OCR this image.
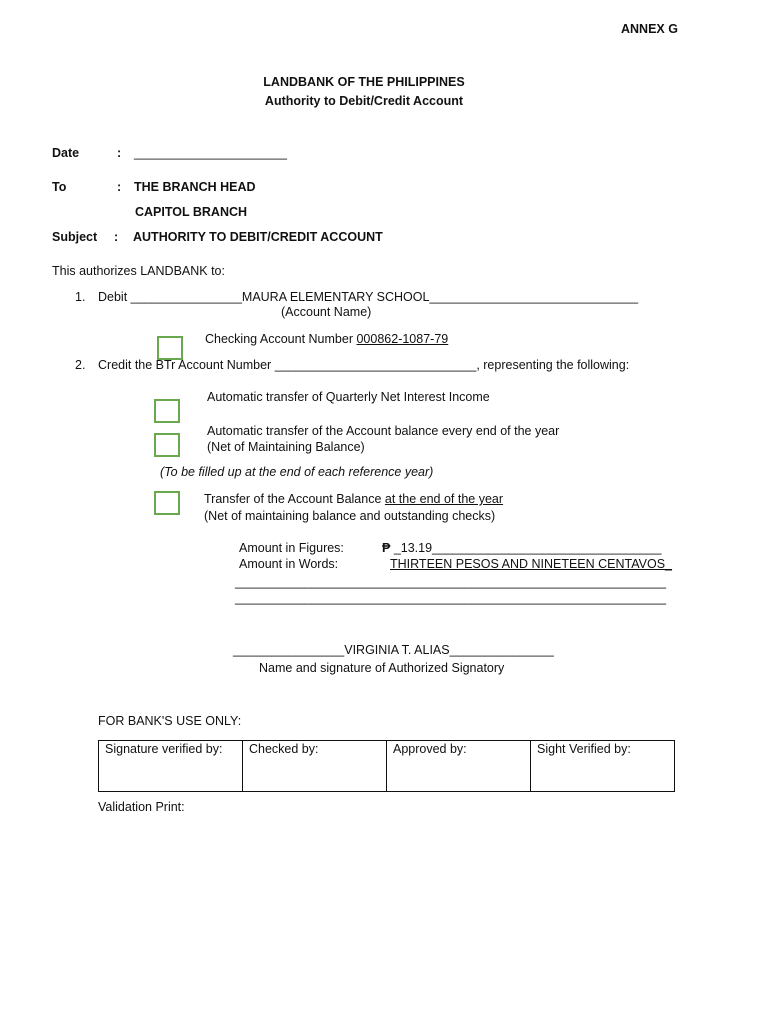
ANNEX G
LANDBANK OF THE PHILIPPINES
Authority to Debit/Credit Account
Date	: ______________________
To	: THE BRANCH HEAD
CAPITOL BRANCH
Subject : AUTHORITY TO DEBIT/CREDIT ACCOUNT
This authorizes LANDBANK to:
1. Debit ________________MAURA ELEMENTARY SCHOOL______________________________
(Account Name)
Checking Account Number 000862-1087-79
2. Credit the BTr Account Number _____________________________, representing the following:
Automatic transfer of Quarterly Net Interest Income
Automatic transfer of the Account balance every end of the year
(Net of Maintaining Balance)
(To be filled up at the end of each reference year)
Transfer of the Account Balance at the end of the year
(Net of maintaining balance and outstanding checks)
Amount in Figures:	₱ _13.19_________________________________
Amount in Words:	THIRTEEN PESOS AND NINETEEN CENTAVOS_
______________________________________________________________
______________________________________________________________
________________VIRGINIA T. ALIAS_______________
Name and signature of Authorized Signatory
FOR BANK'S USE ONLY:
Signature verified by:	Checked by:	Approved by:	Sight Verified by:
Validation Print:
